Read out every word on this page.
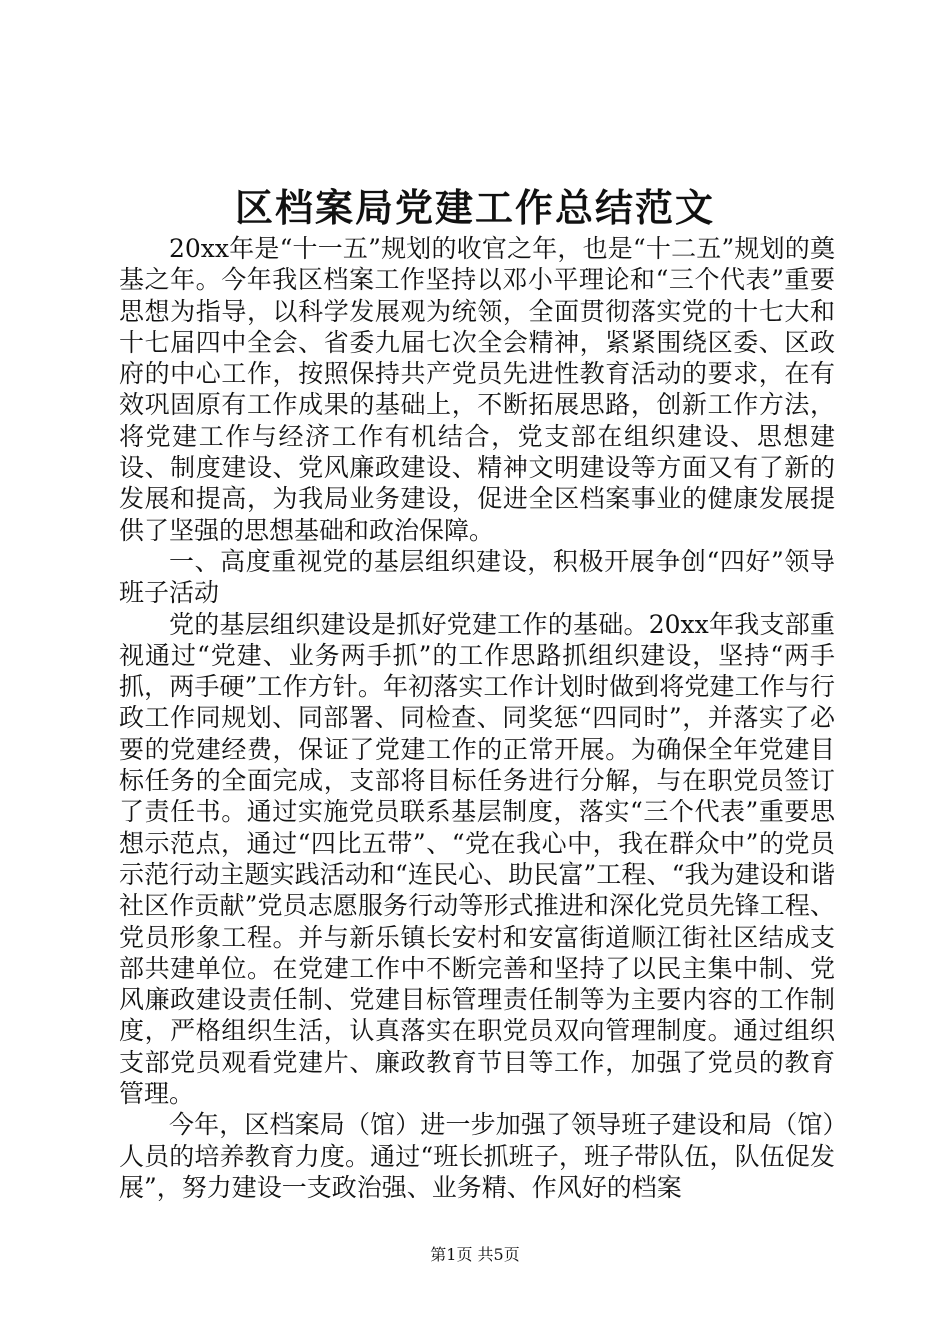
区档案局党建工作总结范文

20xx年是“十一五”规划的收官之年，也是“十二五”规划的奠基之年。今年我区档案工作坚持以邓小平理论和“三个代表”重要思想为指导，以科学发展观为统领，全面贯彻落实党的十七大和十七届四中全会、省委九届七次全会精神，紧紧围绕区委、区政府的中心工作，按照保持共产党员先进性教育活动的要求，在有效巩固原有工作成果的基础上，不断拓展思路，创新工作方法，将党建工作与经济工作有机结合，党支部在组织建设、思想建设、制度建设、党风廉政建设、精神文明建设等方面又有了新的发展和提高，为我局业务建设，促进全区档案事业的健康发展提供了坚强的思想基础和政治保障。

一、高度重视党的基层组织建设，积极开展争创“四好”领导班子活动

党的基层组织建设是抓好党建工作的基础。20xx年我支部重视通过“党建、业务两手抓”的工作思路抓组织建设，坚持“两手抓，两手硬”工作方针。年初落实工作计划时做到将党建工作与行政工作同规划、同部署、同检查、同奖惩“四同时”，并落实了必要的党建经费，保证了党建工作的正常开展。为确保全年党建目标任务的全面完成，支部将目标任务进行分解，与在职党员签订了责任书。通过实施党员联系基层制度，落实“三个代表”重要思想示范点，通过“四比五带”、“党在我心中，我在群众中”的党员示范行动主题实践活动和“连民心、助民富”工程、“我为建设和谐社区作贡献”党员志愿服务行动等形式推进和深化党员先锋工程、党员形象工程。并与新乐镇长安村和安富街道顺江街社区结成支部共建单位。在党建工作中不断完善和坚持了以民主集中制、党风廉政建设责任制、党建目标管理责任制等为主要内容的工作制度，严格组织生活，认真落实在职党员双向管理制度。通过组织支部党员观看党建片、廉政教育节目等工作，加强了党员的教育管理。

今年，区档案局（馆）进一步加强了领导班子建设和局（馆）人员的培养教育力度。通过“班长抓班子，班子带队伍，队伍促发展”，努力建设一支政治强、业务精、作风好的档案

第1页 共5页
